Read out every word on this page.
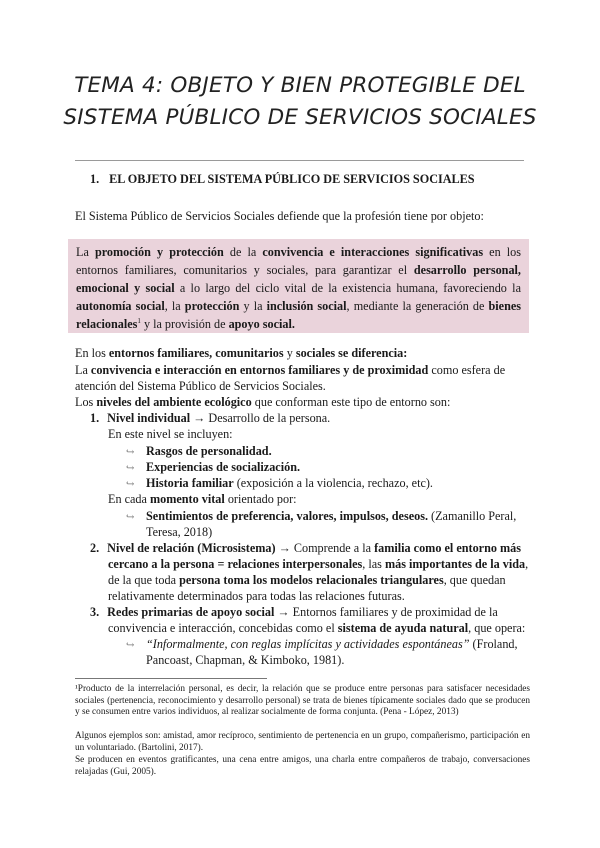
TEMA 4: OBJETO Y BIEN PROTEGIBLE DEL
SISTEMA PÚBLICO DE SERVICIOS SOCIALES
1. EL OBJETO DEL SISTEMA PÚBLICO DE SERVICIOS SOCIALES
El Sistema Público de Servicios Sociales defiende que la profesión tiene por objeto:
La promoción y protección de la convivencia e interacciones significativas en los entornos familiares, comunitarios y sociales, para garantizar el desarrollo personal, emocional y social a lo largo del ciclo vital de la existencia humana, favoreciendo la autonomía social, la protección y la inclusión social, mediante la generación de bienes relacionales$^1$ y la provisión de apoyo social.
En los entornos familiares, comunitarios y sociales se diferencia:
La convivencia e interacción en entornos familiares y de proximidad como esfera de
atención del Sistema Público de Servicios Sociales.
Los niveles del ambiente ecológico que conforman este tipo de entorno son:
1. Nivel individual → Desarrollo de la persona.
En este nivel se incluyen:
↪ Rasgos de personalidad.
↪ Experiencias de socialización.
↪ Historia familiar (exposición a la violencia, rechazo, etc).
En cada momento vital orientado por:
↪ Sentimientos de preferencia, valores, impulsos, deseos. (Zamanillo Peral,
Teresa, 2018)
2. Nivel de relación (Microsistema) → Comprende a la familia como el entorno más
cercano a la persona = relaciones interpersonales, las más importantes de la vida,
de la que toda persona toma los modelos relacionales triangulares, que quedan
relativamente determinados para todas las relaciones futuras.
3. Redes primarias de apoyo social → Entornos familiares y de proximidad de la
convivencia e interacción, concebidas como el sistema de ayuda natural, que opera:
↪ “Informalmente, con reglas implícitas y actividades espontáneas” (Froland,
Pancoast, Chapman, & Kimboko, 1981).
¹Producto de la interrelación personal, es decir, la relación que se produce entre personas para satisfacer necesidades sociales (pertenencia, reconocimiento y desarrollo personal) se trata de bienes típicamente sociales dado que se producen y se consumen entre varios individuos, al realizar socialmente de forma conjunta. (Pena - López, 2013)
Algunos ejemplos son: amistad, amor recíproco, sentimiento de pertenencia en un grupo, compañerismo, participación en un voluntariado. (Bartolini, 2017).
Se producen en eventos gratificantes, una cena entre amigos, una charla entre compañeros de trabajo, conversaciones relajadas (Gui, 2005).
